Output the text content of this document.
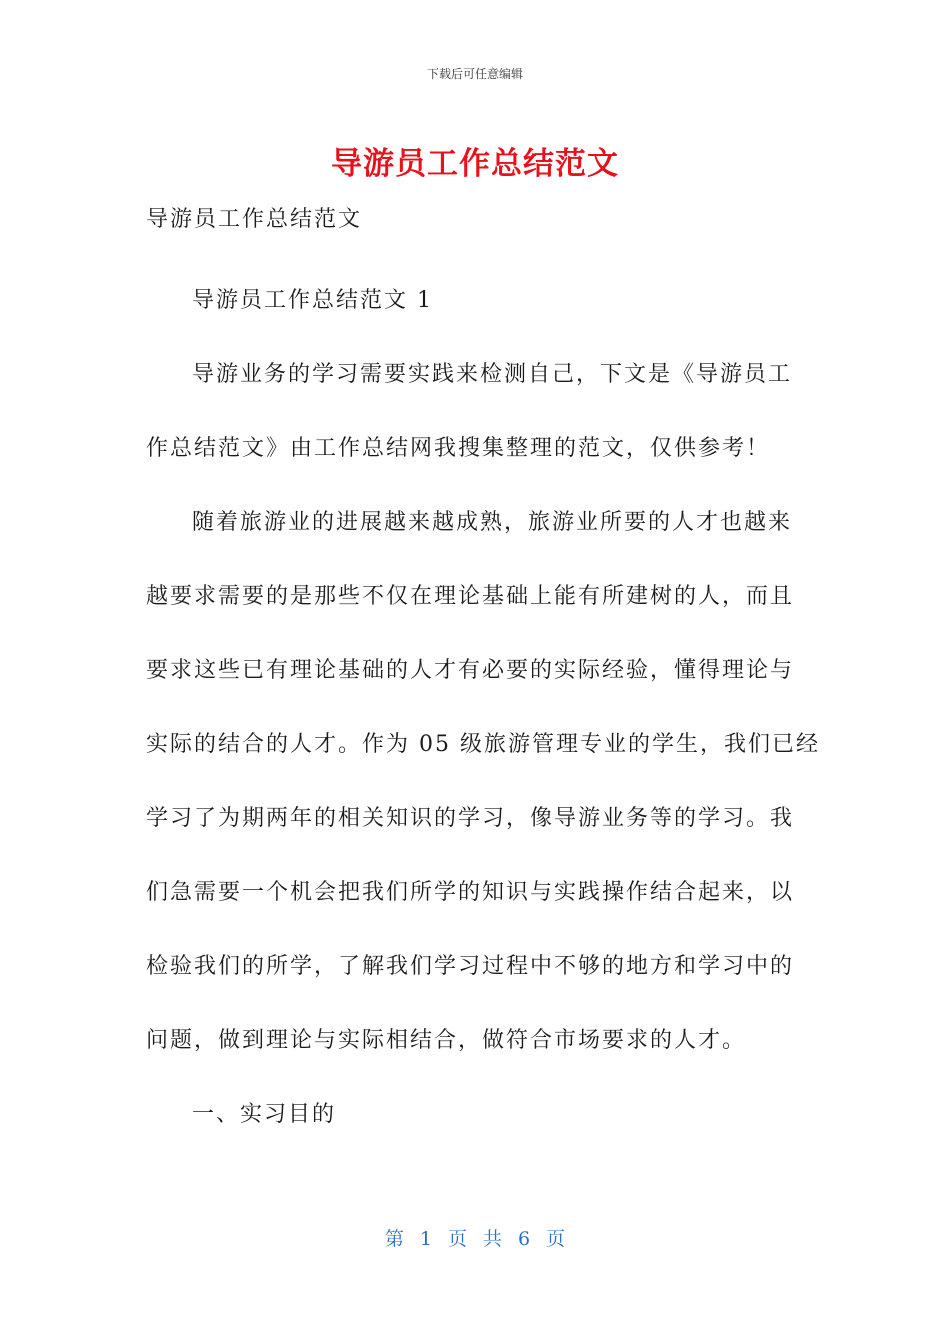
下载后可任意编辑
导游员工作总结范文
导游员工作总结范文
导游员工作总结范文 1
导游业务的学习需要实践来检测自己，下文是《导游员工
作总结范文》由工作总结网我搜集整理的范文，仅供参考！
随着旅游业的进展越来越成熟，旅游业所要的人才也越来
越要求需要的是那些不仅在理论基础上能有所建树的人，而且
要求这些已有理论基础的人才有必要的实际经验，懂得理论与
实际的结合的人才。作为 05 级旅游管理专业的学生，我们已经
学习了为期两年的相关知识的学习，像导游业务等的学习。我
们急需要一个机会把我们所学的知识与实践操作结合起来，以
检验我们的所学，了解我们学习过程中不够的地方和学习中的
问题，做到理论与实际相结合，做符合市场要求的人才。
一、实习目的
第 1 页 共 6 页
